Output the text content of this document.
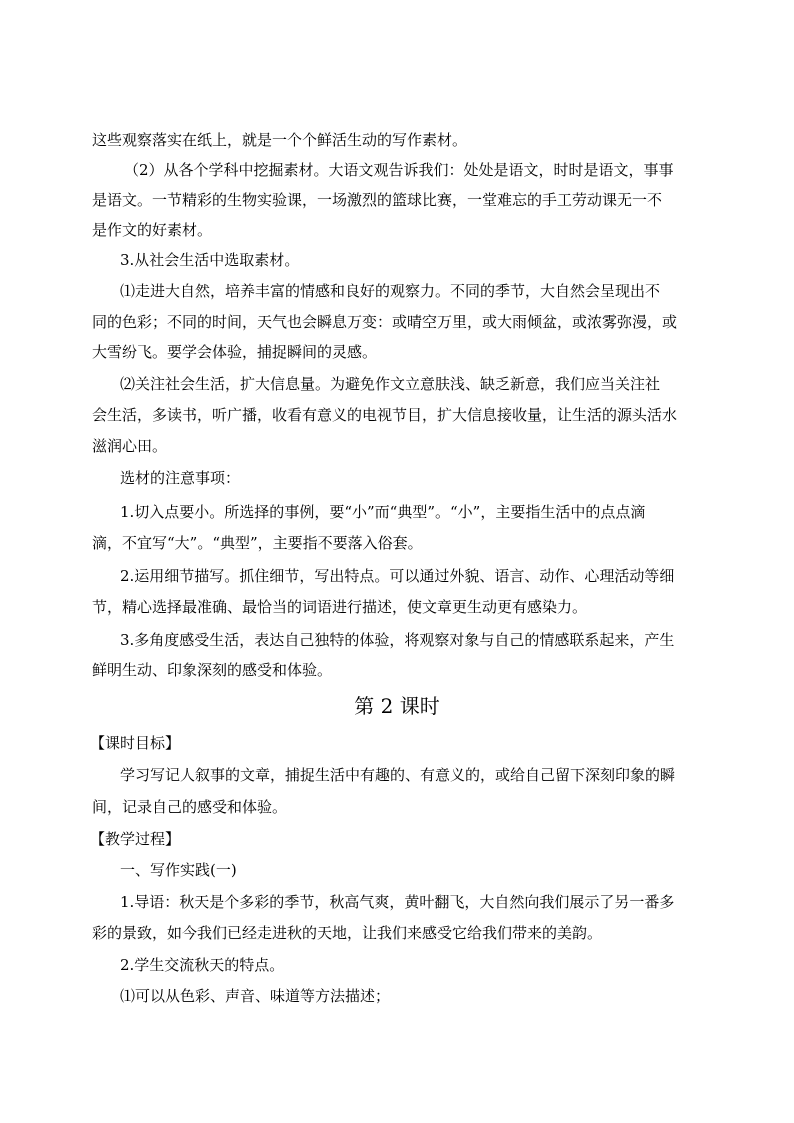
这些观察落实在纸上，就是一个个鲜活生动的写作素材。
（2）从各个学科中挖掘素材。大语文观告诉我们：处处是语文，时时是语文，事事
是语文。一节精彩的生物实验课，一场激烈的篮球比赛，一堂难忘的手工劳动课无一不
是作文的好素材。
3.从社会生活中选取素材。
⑴走进大自然，培养丰富的情感和良好的观察力。不同的季节，大自然会呈现出不
同的色彩；不同的时间，天气也会瞬息万变：或晴空万里，或大雨倾盆，或浓雾弥漫，或
大雪纷飞。要学会体验，捕捉瞬间的灵感。
⑵关注社会生活，扩大信息量。为避免作文立意肤浅、缺乏新意，我们应当关注社
会生活，多读书，听广播，收看有意义的电视节目，扩大信息接收量，让生活的源头活水
滋润心田。
选材的注意事项：
1.切入点要小。所选择的事例，要“小”而“典型”。“小”，主要指生活中的点点滴
滴，不宜写“大”。“典型”，主要指不要落入俗套。
2.运用细节描写。抓住细节，写出特点。可以通过外貌、语言、动作、心理活动等细
节，精心选择最准确、最恰当的词语进行描述，使文章更生动更有感染力。
3.多角度感受生活，表达自己独特的体验，将观察对象与自己的情感联系起来，产生
鲜明生动、印象深刻的感受和体验。
第 2 课时
【课时目标】
学习写记人叙事的文章，捕捉生活中有趣的、有意义的，或给自己留下深刻印象的瞬
间，记录自己的感受和体验。
【教学过程】
一、写作实践(一)
1.导语：秋天是个多彩的季节，秋高气爽，黄叶翻飞，大自然向我们展示了另一番多
彩的景致，如今我们已经走进秋的天地，让我们来感受它给我们带来的美韵。
2.学生交流秋天的特点。
⑴可以从色彩、声音、味道等方法描述；
